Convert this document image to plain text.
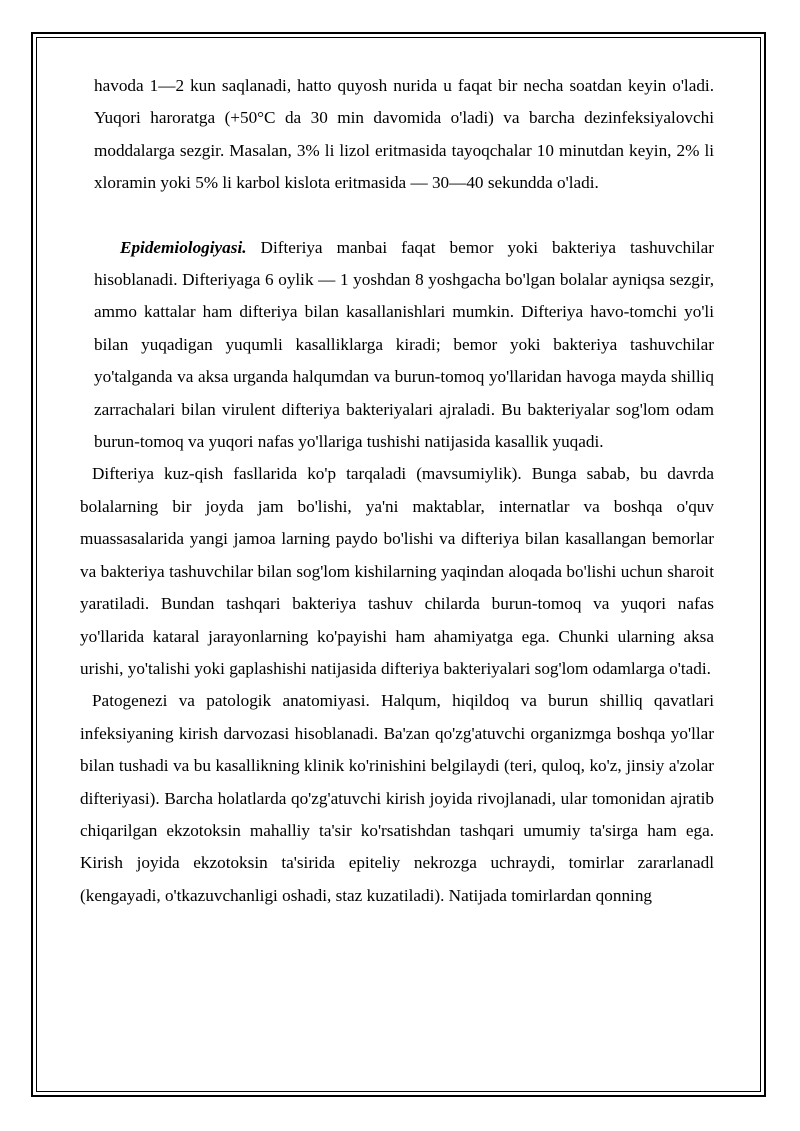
havoda 1—2 kun saqlanadi, hatto quyosh nurida u faqat bir necha soatdan keyin o'ladi. Yuqori haroratga (+50°C da 30 min davomida o'ladi) va barcha dezinfeksiyalovchi moddalarga sezgir. Masalan, 3% li lizol eritmasida tayoqchalar 10 minutdan keyin, 2% li xloramin yoki 5% li karbol kislota eritmasida — 30—40 sekundda o'ladi.

Epidemiologiyasi. Difteriya manbai faqat bemor yoki bakteriya tashuvchilar hisoblanadi. Difteriyaga 6 oylik — 1 yoshdan 8 yoshgacha bo'lgan bolalar ayniqsa sezgir, ammo kattalar ham difteriya bilan kasallanishlari mumkin. Difteriya havo-tomchi yo'li bilan yuqadigan yuqumli kasalliklarga kiradi; bemor yoki bakteriya tashuvchilar yo'talganda va aksa urganda halqumdan va burun-tomoq yo'llaridan havoga mayda shilliq zarrachalari bilan virulent difteriya bakteriyalari ajraladi. Bu bakteriyalar sog'lom odam burun-tomoq va yuqori nafas yo'llariga tushishi natijasida kasallik yuqadi.

Difteriya kuz-qish fasllarida ko'p tarqaladi (mavsumiylik). Bunga sabab, bu davrda bolalarning bir joyda jam bo'lishi, ya'ni maktablar, internatlar va boshqa o'quv muassasalarida yangi jamoa larning paydo bo'lishi va difteriya bilan kasallangan bemorlar va bakteriya tashuvchilar bilan sog'lom kishilarning yaqindan aloqada bo'lishi uchun sharoit yaratiladi. Bundan tashqari bakteriya tashuv chilarda burun-tomoq va yuqori nafas yo'llarida kataral jarayonlarning ko'payishi ham ahamiyatga ega. Chunki ularning aksa urishi, yo'talishi yoki gaplashishi natijasida difteriya bakteriyalari sog'lom odamlarga o'tadi.

Patogenezi va patologik anatomiyasi. Halqum, hiqildoq va burun shilliq qavatlari infeksiyaning kirish darvozasi hisoblanadi. Ba'zan qo'zg'atuvchi organizmga boshqa yo'llar bilan tushadi va bu kasallikning klinik ko'rinishini belgilaydi (teri, quloq, ko'z, jinsiy a'zolar difteriyasi). Barcha holatlarda qo'zg'atuvchi kirish joyida rivojlanadi, ular tomonidan ajratib chiqarilgan ekzotoksin mahalliy ta'sir ko'rsatishdan tashqari umumiy ta'sirga ham ega. Kirish joyida ekzotoksin ta'sirida epiteliy nekrozga uchraydi, tomirlar zararlanadl (kengayadi, o'tkazuvchanligi oshadi, staz kuzatiladi). Natijada tomirlardan qonning
